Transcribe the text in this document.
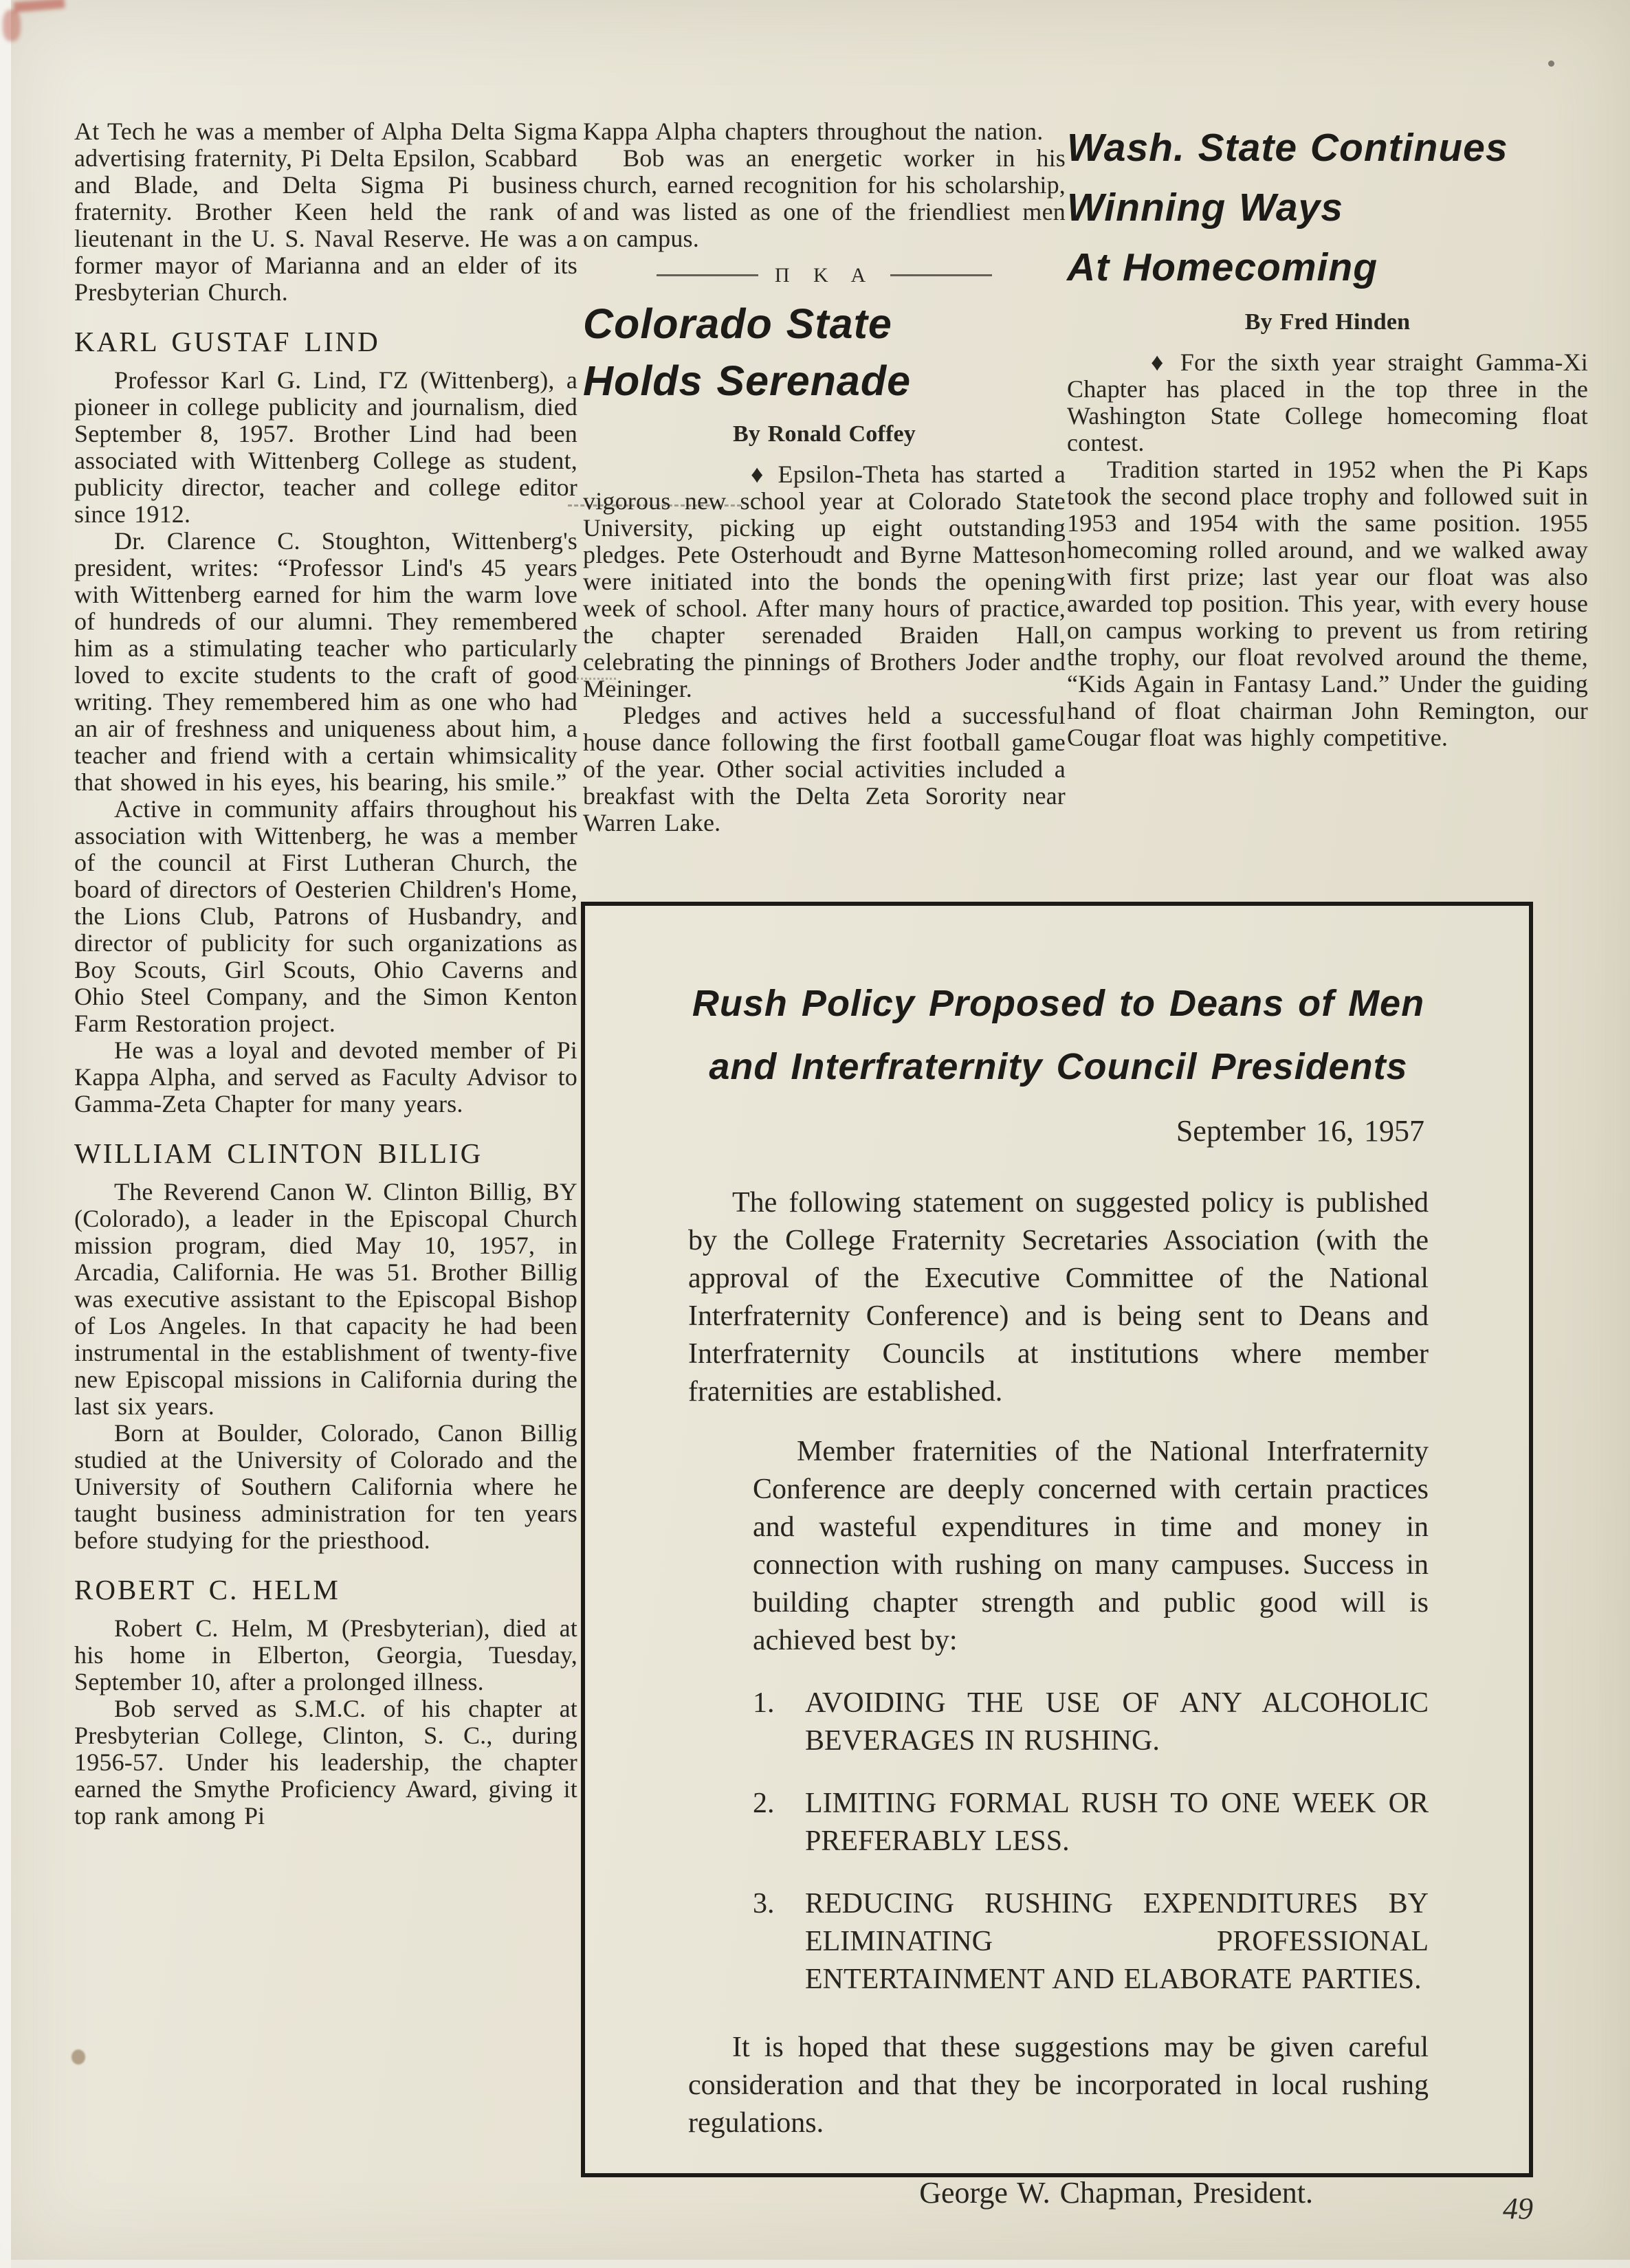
At Tech he was a member of Alpha Delta Sigma advertising fraternity, Pi Delta Epsilon, Scabbard and Blade, and Delta Sigma Pi business fraternity. Brother Keen held the rank of lieutenant in the U. S. Naval Reserve. He was a former mayor of Marianna and an elder of its Presbyterian Church.

KARL GUSTAF LIND

Professor Karl G. Lind, ΓΖ (Wittenberg), a pioneer in college publicity and journalism, died September 8, 1957. Brother Lind had been associated with Wittenberg College as student, publicity director, teacher and college editor since 1912.

Dr. Clarence C. Stoughton, Wittenberg's president, writes: “Professor Lind's 45 years with Wittenberg earned for him the warm love of hundreds of our alumni. They remembered him as a stimulating teacher who particularly loved to excite students to the craft of good writing. They remembered him as one who had an air of freshness and uniqueness about him, a teacher and friend with a certain whimsicality that showed in his eyes, his bearing, his smile.”

Active in community affairs throughout his association with Wittenberg, he was a member of the council at First Lutheran Church, the board of directors of Oesterien Children's Home, the Lions Club, Patrons of Husbandry, and director of publicity for such organizations as Boy Scouts, Girl Scouts, Ohio Caverns and Ohio Steel Company, and the Simon Kenton Farm Restoration project.

He was a loyal and devoted member of Pi Kappa Alpha, and served as Faculty Advisor to Gamma-Zeta Chapter for many years.

WILLIAM CLINTON BILLIG

The Reverend Canon W. Clinton Billig, ΒΥ (Colorado), a leader in the Episcopal Church mission program, died May 10, 1957, in Arcadia, California. He was 51. Brother Billig was executive assistant to the Episcopal Bishop of Los Angeles. In that capacity he had been instrumental in the establishment of twenty-five new Episcopal missions in California during the last six years.

Born at Boulder, Colorado, Canon Billig studied at the University of Colorado and the University of Southern California where he taught business administration for ten years before studying for the priesthood.

ROBERT C. HELM

Robert C. Helm, Μ (Presbyterian), died at his home in Elberton, Georgia, Tuesday, September 10, after a prolonged illness.

Bob served as S.M.C. of his chapter at Presbyterian College, Clinton, S. C., during 1956-57. Under his leadership, the chapter earned the Smythe Proficiency Award, giving it top rank among Pi

Kappa Alpha chapters throughout the nation.

Bob was an energetic worker in his church, earned recognition for his scholarship, and was listed as one of the friendliest men on campus.

Π Κ Α
Colorado State
Holds Serenade
By Ronald Coffey

♦ Epsilon-Theta has started a vigorous new school year at Colorado State University, picking up eight outstanding pledges. Pete Osterhoudt and Byrne Matteson were initiated into the bonds the opening week of school. After many hours of practice, the chapter serenaded Braiden Hall, celebrating the pinnings of Brothers Joder and Meininger.

Pledges and actives held a successful house dance following the first football game of the year. Other social activities included a breakfast with the Delta Zeta Sorority near Warren Lake.

Wash. State Continues
Winning Ways
At Homecoming
By Fred Hinden

♦ For the sixth year straight Gamma-Xi Chapter has placed in the top three in the Washington State College homecoming float contest.

Tradition started in 1952 when the Pi Kaps took the second place trophy and followed suit in 1953 and 1954 with the same position. 1955 homecoming rolled around, and we walked away with first prize; last year our float was also awarded top position. This year, with every house on campus working to prevent us from retiring the trophy, our float revolved around the theme, “Kids Again in Fantasy Land.” Under the guiding hand of float chairman John Remington, our Cougar float was highly competitive.

Rush Policy Proposed to Deans of Men
and Interfraternity Council Presidents
September 16, 1957

The following statement on suggested policy is published by the College Fraternity Secretaries Association (with the approval of the Executive Committee of the National Interfraternity Conference) and is being sent to Deans and Interfraternity Councils at institutions where member fraternities are established.

Member fraternities of the National Interfraternity Conference are deeply concerned with certain practices and wasteful expenditures in time and money in connection with rushing on many campuses. Success in building chapter strength and public good will is achieved best by:

1.	AVOIDING THE USE OF ANY ALCOHOLIC BEVERAGES IN RUSHING.
2.	LIMITING FORMAL RUSH TO ONE WEEK OR PREFERABLY LESS.
3.	REDUCING RUSHING EXPENDITURES BY ELIMINATING PROFESSIONAL ENTERTAINMENT AND ELABORATE PARTIES.

It is hoped that these suggestions may be given careful consideration and that they be incorporated in local rushing regulations.

George W. Chapman, President.	49
